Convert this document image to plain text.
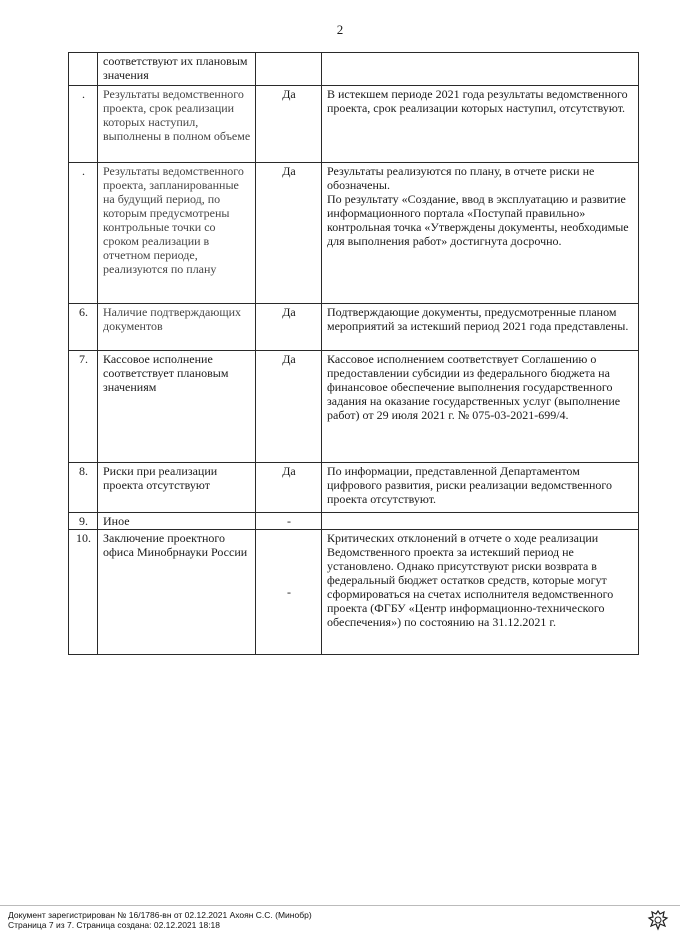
2
	соответствуют их плановым значения		
.	Результаты ведомственного проекта, срок реализации которых наступил, выполнены в полном объеме	Да	В истекшем периоде 2021 года результаты ведомственного проекта, срок реализации которых наступил, отсутствуют.
.	Результаты ведомственного проекта, запланированные на будущий период, по которым предусмотрены контрольные точки со сроком реализации в отчетном периоде, реализуются по плану	Да	Результаты реализуются по плану, в отчете риски не обозначены.
По результату «Создание, ввод в эксплуатацию и развитие информационного портала «Поступай правильно» контрольная точка «Утверждены документы, необходимые для выполнения работ» достигнута досрочно.

6.	Наличие подтверждающих документов	Да	Подтверждающие документы, предусмотренные планом мероприятий за истекший период 2021 года представлены.
7.	Кассовое исполнение соответствует плановым значениям	Да	Кассовое исполнением соответствует Соглашению о предоставлении субсидии из федерального бюджета на финансовое обеспечение выполнения государственного задания на оказание государственных услуг (выполнение работ) от 29 июля 2021 г. № 075-03-2021-699/4.
8.	Риски при реализации проекта отсутствуют	Да	По информации, представленной Департаментом цифрового развития, риски реализации ведомственного проекта отсутствуют.
9.	Иное	-	
10.	Заключение проектного офиса Минобрнауки России	-	Критических отклонений в отчете о ходе реализации Ведомственного проекта за истекший период не установлено. Однако присутствуют риски возврата в федеральный бюджет остатков средств, которые могут сформироваться на счетах исполнителя ведомственного проекта (ФГБУ «Центр информационно-технического обеспечения») по состоянию на 31.12.2021 г.
Документ зарегистрирован № 16/1786-вн от 02.12.2021 Ахоян С.С. (Минобр)
Страница 7 из 7. Страница создана: 02.12.2021 18:18
